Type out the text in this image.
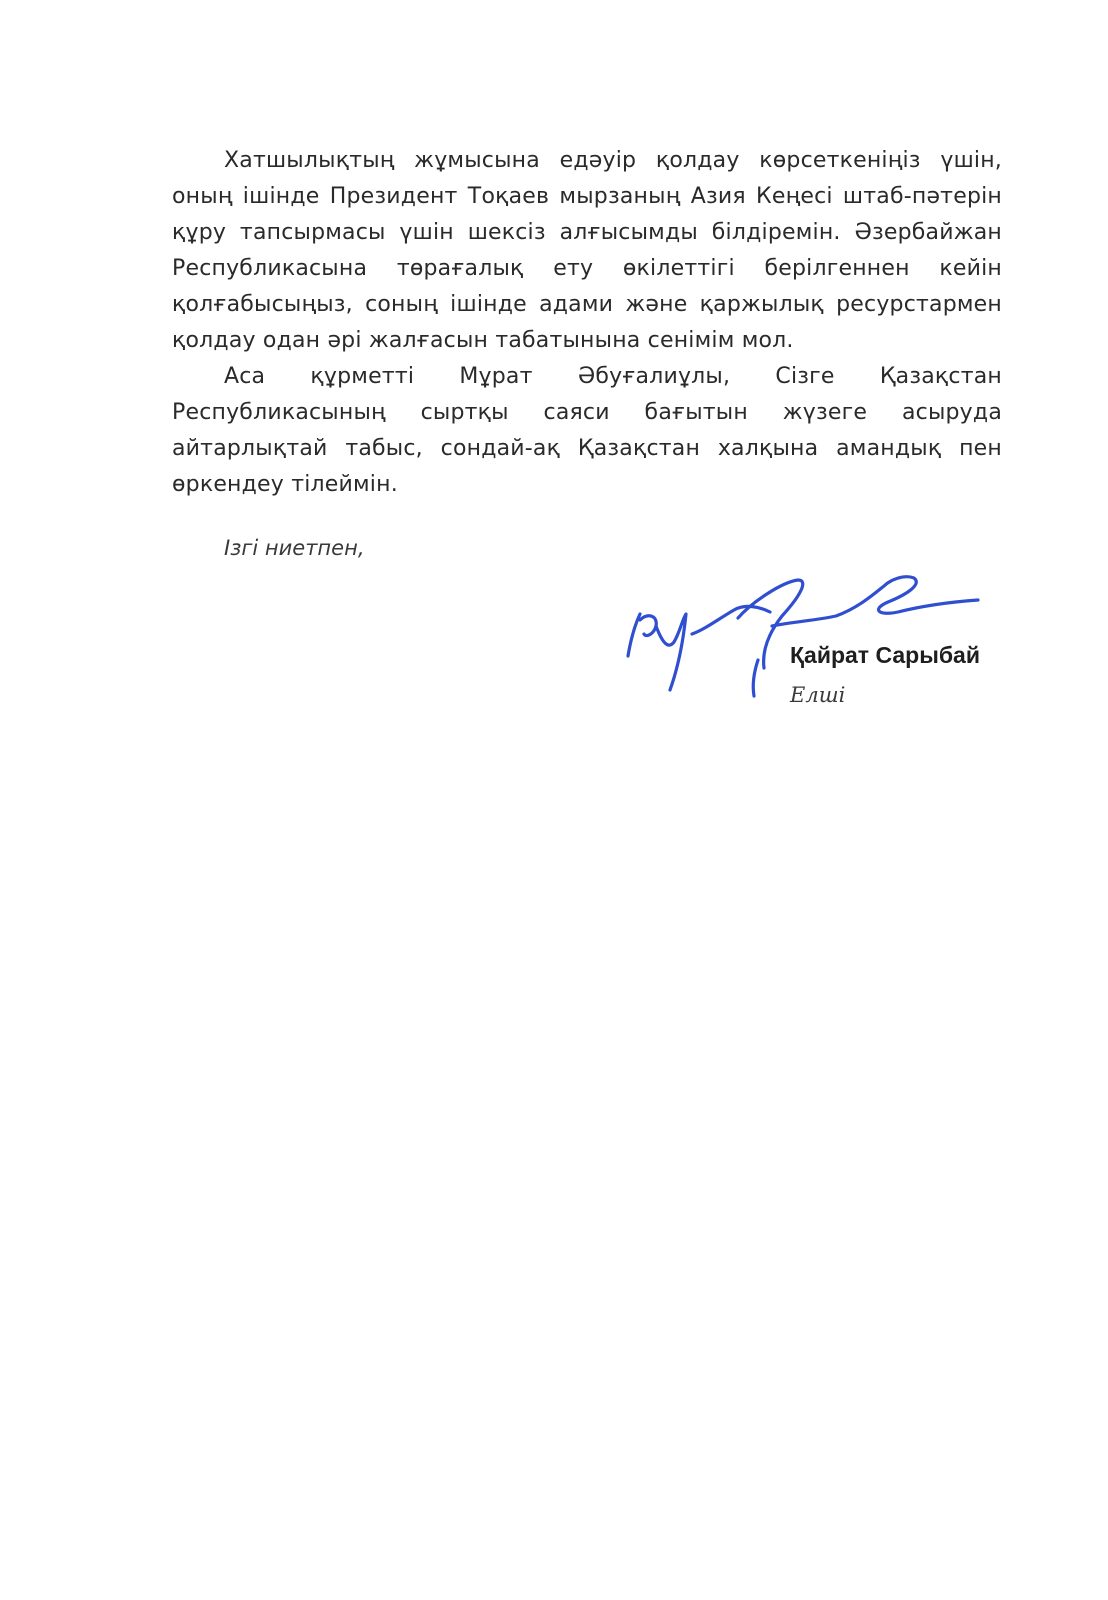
Хатшылықтың жұмысына едәуір қолдау көрсеткеніңіз үшін, оның ішінде Президент Тоқаев мырзаның Азия Кеңесі штаб-пәтерін құру тапсырмасы үшін шексіз алғысымды білдіремін. Әзербайжан Республикасына төрағалық ету өкілеттігі берілгеннен кейін қолғабысыңыз, соның ішінде адами және қаржылық ресурстармен қолдау одан әрі жалғасын табатынына сенімім мол.

Аса құрметті Мұрат Әбуғалиұлы, Сізге Қазақстан Республикасының сыртқы саяси бағытын жүзеге асыруда айтарлықтай табыс, сондай-ақ Қазақстан халқына амандық пен өркендеу тілеймін.

Ізгі ниетпен,
Қайрат Сарыбай
Елші
